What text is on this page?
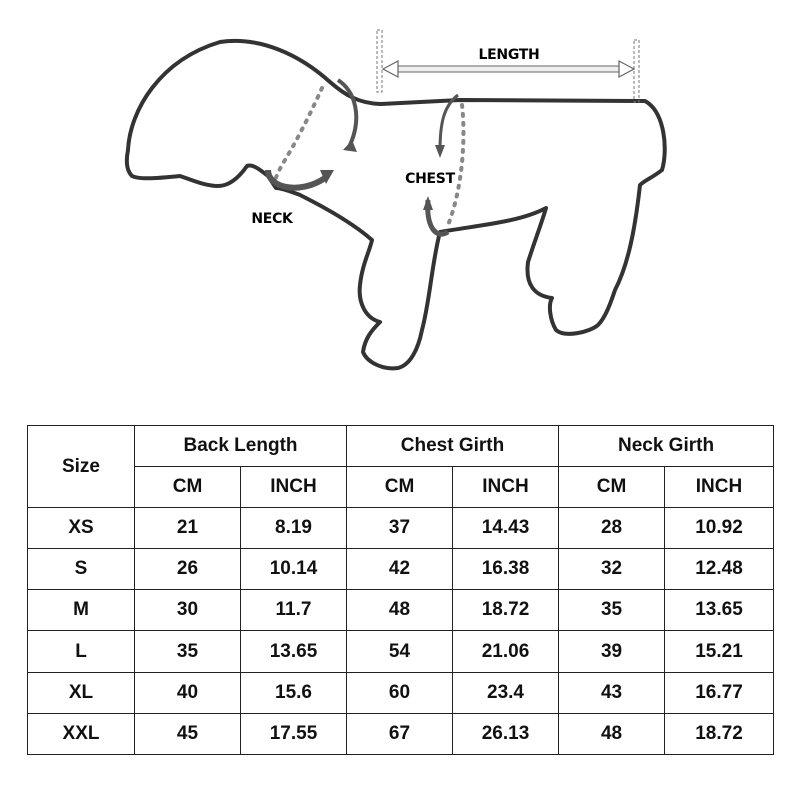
LENGTH
CHEST
NECK
Size	Back Length		Chest Girth		Neck Girth	
	CM	INCH	CM	INCH	CM	INCH
XS	21	8.19	37	14.43	28	10.92
S	26	10.14	42	16.38	32	12.48
M	30	11.7	48	18.72	35	13.65
L	35	13.65	54	21.06	39	15.21
XL	40	15.6	60	23.4	43	16.77
XXL	45	17.55	67	26.13	48	18.72
